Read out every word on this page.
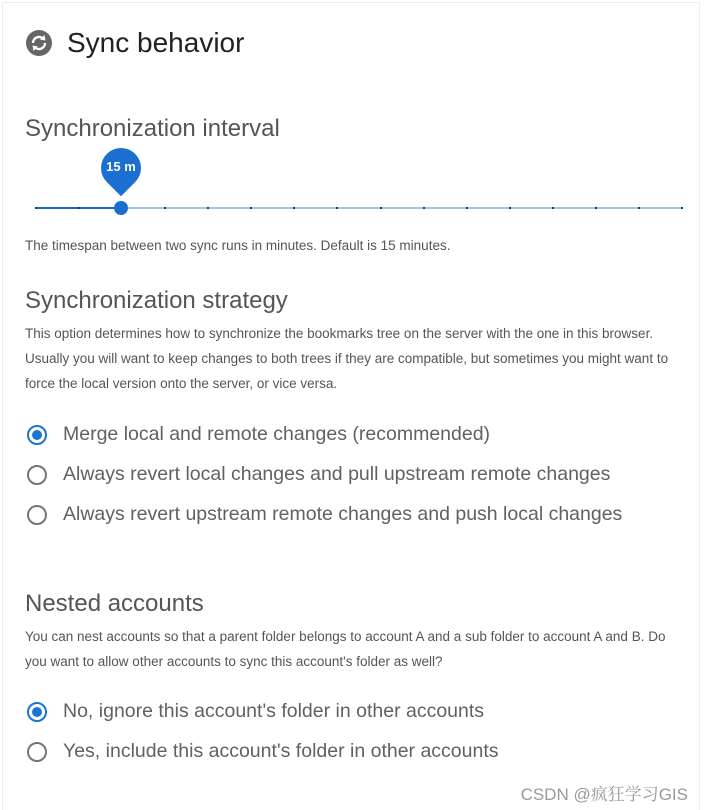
Sync behavior
Synchronization interval
15 m
The timespan between two sync runs in minutes. Default is 15 minutes.
Synchronization strategy
This option determines how to synchronize the bookmarks tree on the server with the one in this browser. Usually you will want to keep changes to both trees if they are compatible, but sometimes you might want to force the local version onto the server, or vice versa.
Merge local and remote changes (recommended)
Always revert local changes and pull upstream remote changes
Always revert upstream remote changes and push local changes
Nested accounts
You can nest accounts so that a parent folder belongs to account A and a sub folder to account A and B. Do you want to allow other accounts to sync this account's folder as well?
No, ignore this account's folder in other accounts
Yes, include this account's folder in other accounts
CSDN @疯狂学习GIS
